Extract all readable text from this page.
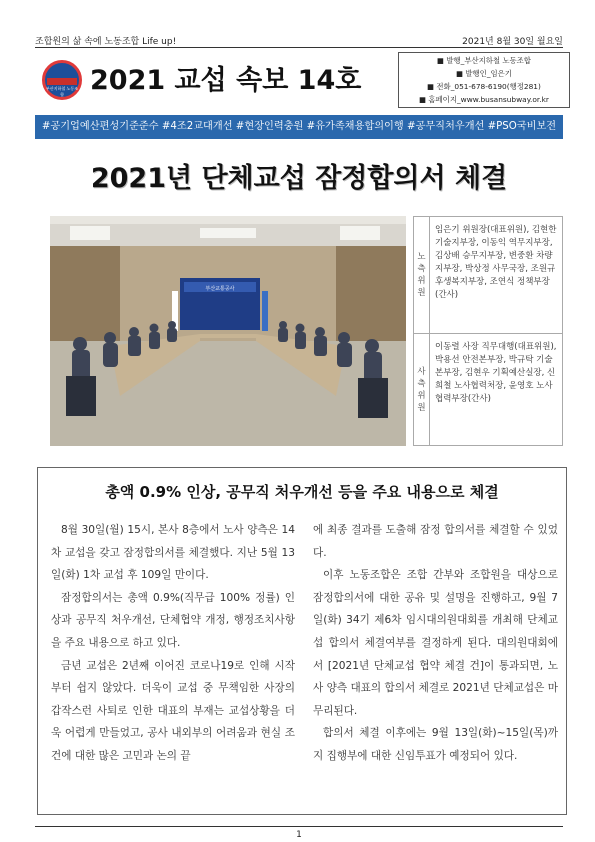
조합원의 삶 속에 노동조합 Life up!	2021년 8월 30일 월요일
부산지하철 노동조합 2021 교섭 속보 14호
■ 발행_부산지하철 노동조합
■ 발행인_임은기
■ 전화_051-678-6190(행정281)
■ 홈페이지_www.busansubway.or.kr
#공기업예산편성기준준수 #4조2교대개선 #현장인력충원 #유가족채용합의이행 #공무직처우개선 #PSO국비보전
2021년 단체교섭 잠정합의서 체결
부산교통공사
노측위원
임은기 위원장(대표위원), 김현한 기술지부장, 이동익 역무지부장, 김상배 승무지부장, 변중환 차량지부장, 박상정 사무국장, 조원규 후생복지부장, 조연식 정책부장(간사)
사측위원
이동렬 사장 직무대행(대표위원), 박용선 안전본부장, 박규탁 기술본부장, 김현우 기획예산실장, 신희철 노사협력처장, 윤영호 노사협력부장(간사)
총액 0.9% 인상, 공무직 처우개선 등을 주요 내용으로 체결

8월 30일(월) 15시, 본사 8층에서 노사 양측은 14차 교섭을 갖고 잠정합의서를 체결했다. 지난 5월 13일(화) 1차 교섭 후 109일 만이다.

잠정합의서는 총액 0.9%(직무급 100% 정률) 인상과 공무직 처우개선, 단체협약 개정, 행정조치사항을 주요 내용으로 하고 있다.

금년 교섭은 2년째 이어진 코로나19로 인해 시작부터 쉽지 않았다. 더욱이 교섭 중 무책임한 사장의 갑작스런 사퇴로 인한 대표의 부재는 교섭상황을 더욱 어렵게 만들었고, 공사 내외부의 어려움과 현실 조건에 대한 많은 고민과 논의 끝

에 최종 결과를 도출해 잠정 합의서를 체결할 수 있었다.

이후 노동조합은 조합 간부와 조합원을 대상으로 잠정합의서에 대한 공유 및 설명을 진행하고, 9월 7일(화) 34기 제6차 임시대의원대회를 개최해 단체교섭 합의서 체결여부를 결정하게 된다. 대의원대회에서 [2021년 단체교섭 협약 체결 건]이 통과되면, 노사 양측 대표의 합의서 체결로 2021년 단체교섭은 마무리된다.

합의서 체결 이후에는 9월 13일(화)~15일(목)까지 집행부에 대한 신임투표가 예정되어 있다.

1
